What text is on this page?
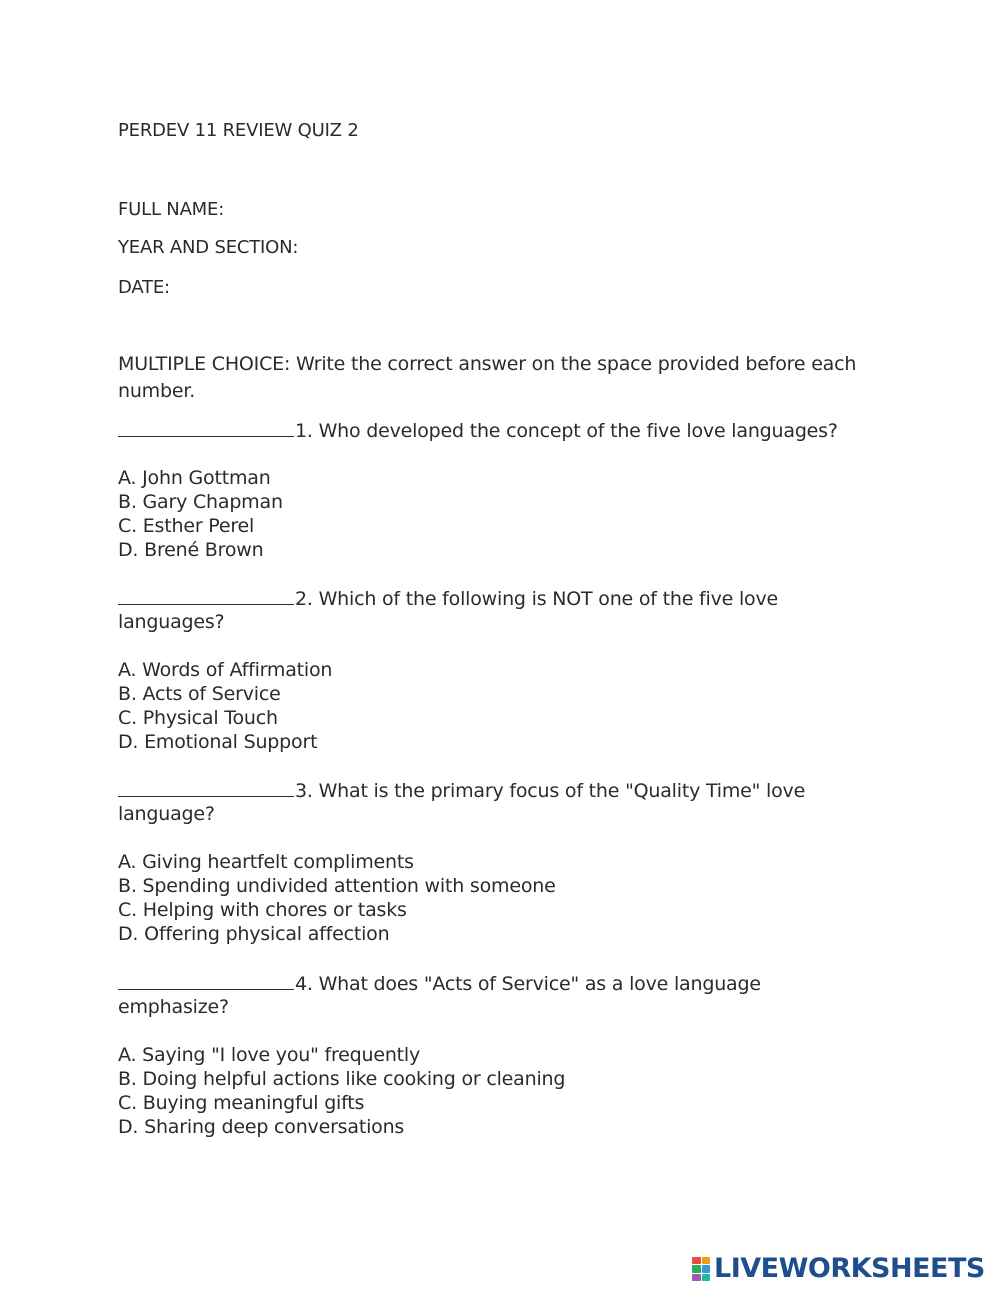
PERDEV 11 REVIEW QUIZ 2
FULL NAME:
YEAR AND SECTION:
DATE:
MULTIPLE CHOICE: Write the correct answer on the space provided before each
number.
1. Who developed the concept of the five love languages?
A. John Gottman
B. Gary Chapman
C. Esther Perel
D. Brené Brown
2. Which of the following is NOT one of the five love
languages?
A. Words of Affirmation
B. Acts of Service
C. Physical Touch
D. Emotional Support
3. What is the primary focus of the "Quality Time" love
language?
A. Giving heartfelt compliments
B. Spending undivided attention with someone
C. Helping with chores or tasks
D. Offering physical affection
4. What does "Acts of Service" as a love language
emphasize?
A. Saying "I love you" frequently
B. Doing helpful actions like cooking or cleaning
C. Buying meaningful gifts
D. Sharing deep conversations
LIVEWORKSHEETS
